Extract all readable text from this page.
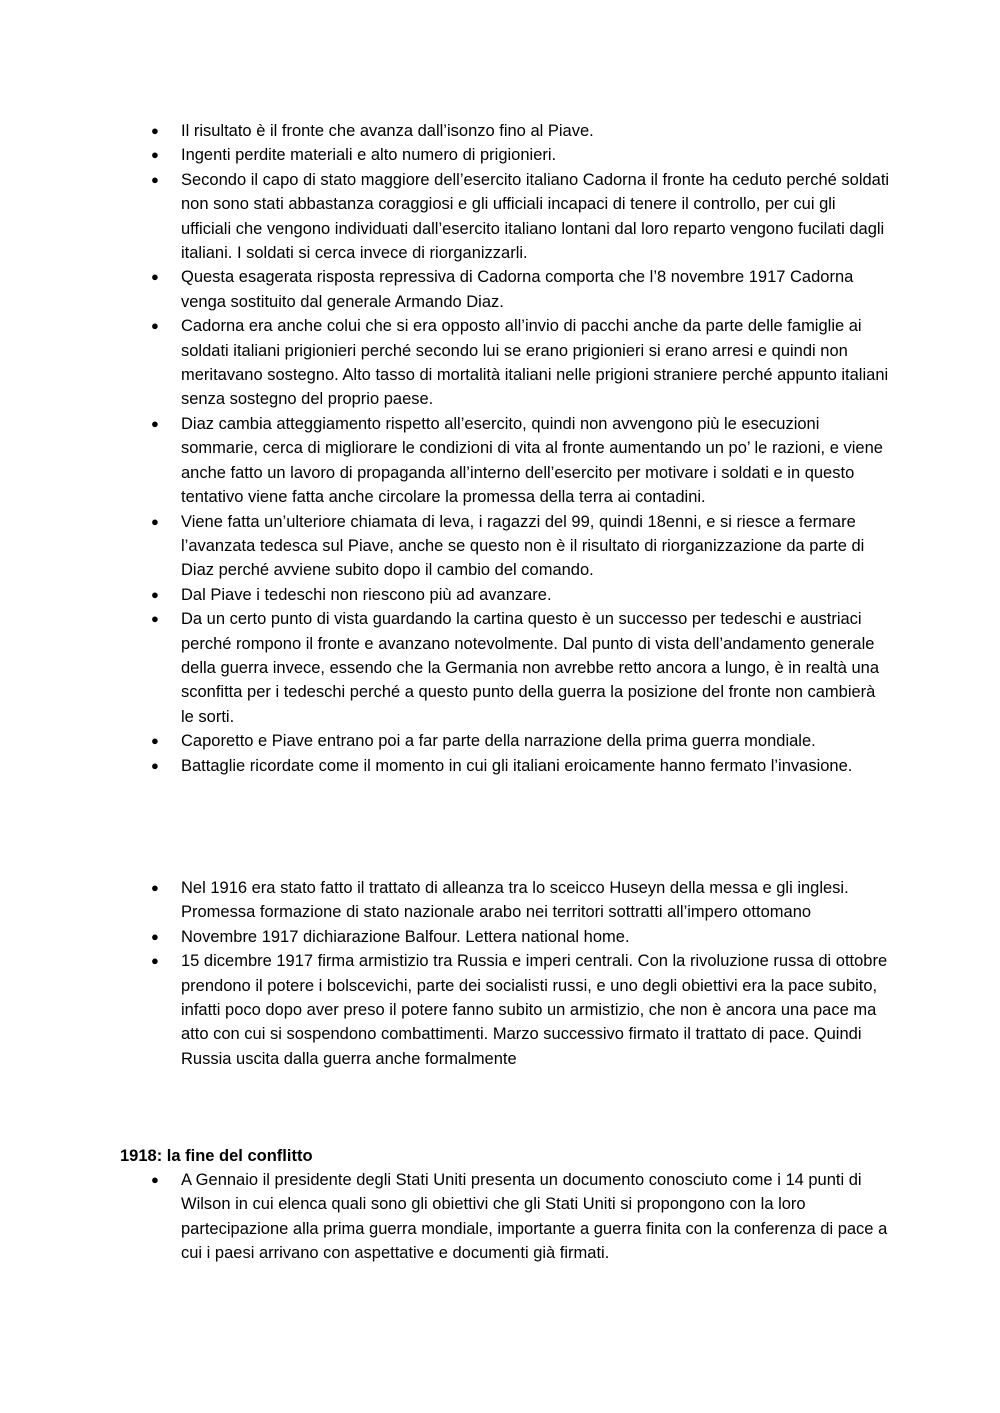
● Il risultato è il fronte che avanza dall’isonzo fino al Piave.
● Ingenti perdite materiali e alto numero di prigionieri.
● Secondo il capo di stato maggiore dell’esercito italiano Cadorna il fronte ha ceduto perché soldati non sono stati abbastanza coraggiosi e gli ufficiali incapaci di tenere il controllo, per cui gli ufficiali che vengono individuati dall’esercito italiano lontani dal loro reparto vengono fucilati dagli italiani. I soldati si cerca invece di riorganizzarli.
● Questa esagerata risposta repressiva di Cadorna comporta che l’8 novembre 1917 Cadorna venga sostituito dal generale Armando Diaz.
● Cadorna era anche colui che si era opposto all’invio di pacchi anche da parte delle famiglie ai soldati italiani prigionieri perché secondo lui se erano prigionieri si erano arresi e quindi non meritavano sostegno. Alto tasso di mortalità italiani nelle prigioni straniere perché appunto italiani senza sostegno del proprio paese.
● Diaz cambia atteggiamento rispetto all’esercito, quindi non avvengono più le esecuzioni sommarie, cerca di migliorare le condizioni di vita al fronte aumentando un po’ le razioni, e viene anche fatto un lavoro di propaganda all’interno dell’esercito per motivare i soldati e in questo tentativo viene fatta anche circolare la promessa della terra ai contadini.
● Viene fatta un’ulteriore chiamata di leva, i ragazzi del 99, quindi 18enni, e si riesce a fermare l’avanzata tedesca sul Piave, anche se questo non è il risultato di riorganizzazione da parte di Diaz perché avviene subito dopo il cambio del comando.
● Dal Piave i tedeschi non riescono più ad avanzare.
● Da un certo punto di vista guardando la cartina questo è un successo per tedeschi e austriaci perché rompono il fronte e avanzano notevolmente. Dal punto di vista dell’andamento generale della guerra invece, essendo che la Germania non avrebbe retto ancora a lungo, è in realtà una sconfitta per i tedeschi perché a questo punto della guerra la posizione del fronte non cambierà le sorti.
● Caporetto e Piave entrano poi a far parte della narrazione della prima guerra mondiale.
● Battaglie ricordate come il momento in cui gli italiani eroicamente hanno fermato l’invasione.
● Nel 1916 era stato fatto il trattato di alleanza tra lo sceicco Huseyn della messa e gli inglesi. Promessa formazione di stato nazionale arabo nei territori sottratti all’impero ottomano
● Novembre 1917 dichiarazione Balfour. Lettera national home.
● 15 dicembre 1917 firma armistizio tra Russia e imperi centrali. Con la rivoluzione russa di ottobre prendono il potere i bolscevichi, parte dei socialisti russi, e uno degli obiettivi era la pace subito, infatti poco dopo aver preso il potere fanno subito un armistizio, che non è ancora una pace ma atto con cui si sospendono combattimenti. Marzo successivo firmato il trattato di pace. Quindi Russia uscita dalla guerra anche formalmente
1918: la fine del conflitto
● A Gennaio il presidente degli Stati Uniti presenta un documento conosciuto come i 14 punti di Wilson in cui elenca quali sono gli obiettivi che gli Stati Uniti si propongono con la loro partecipazione alla prima guerra mondiale, importante a guerra finita con la conferenza di pace a cui i paesi arrivano con aspettative e documenti già firmati.
